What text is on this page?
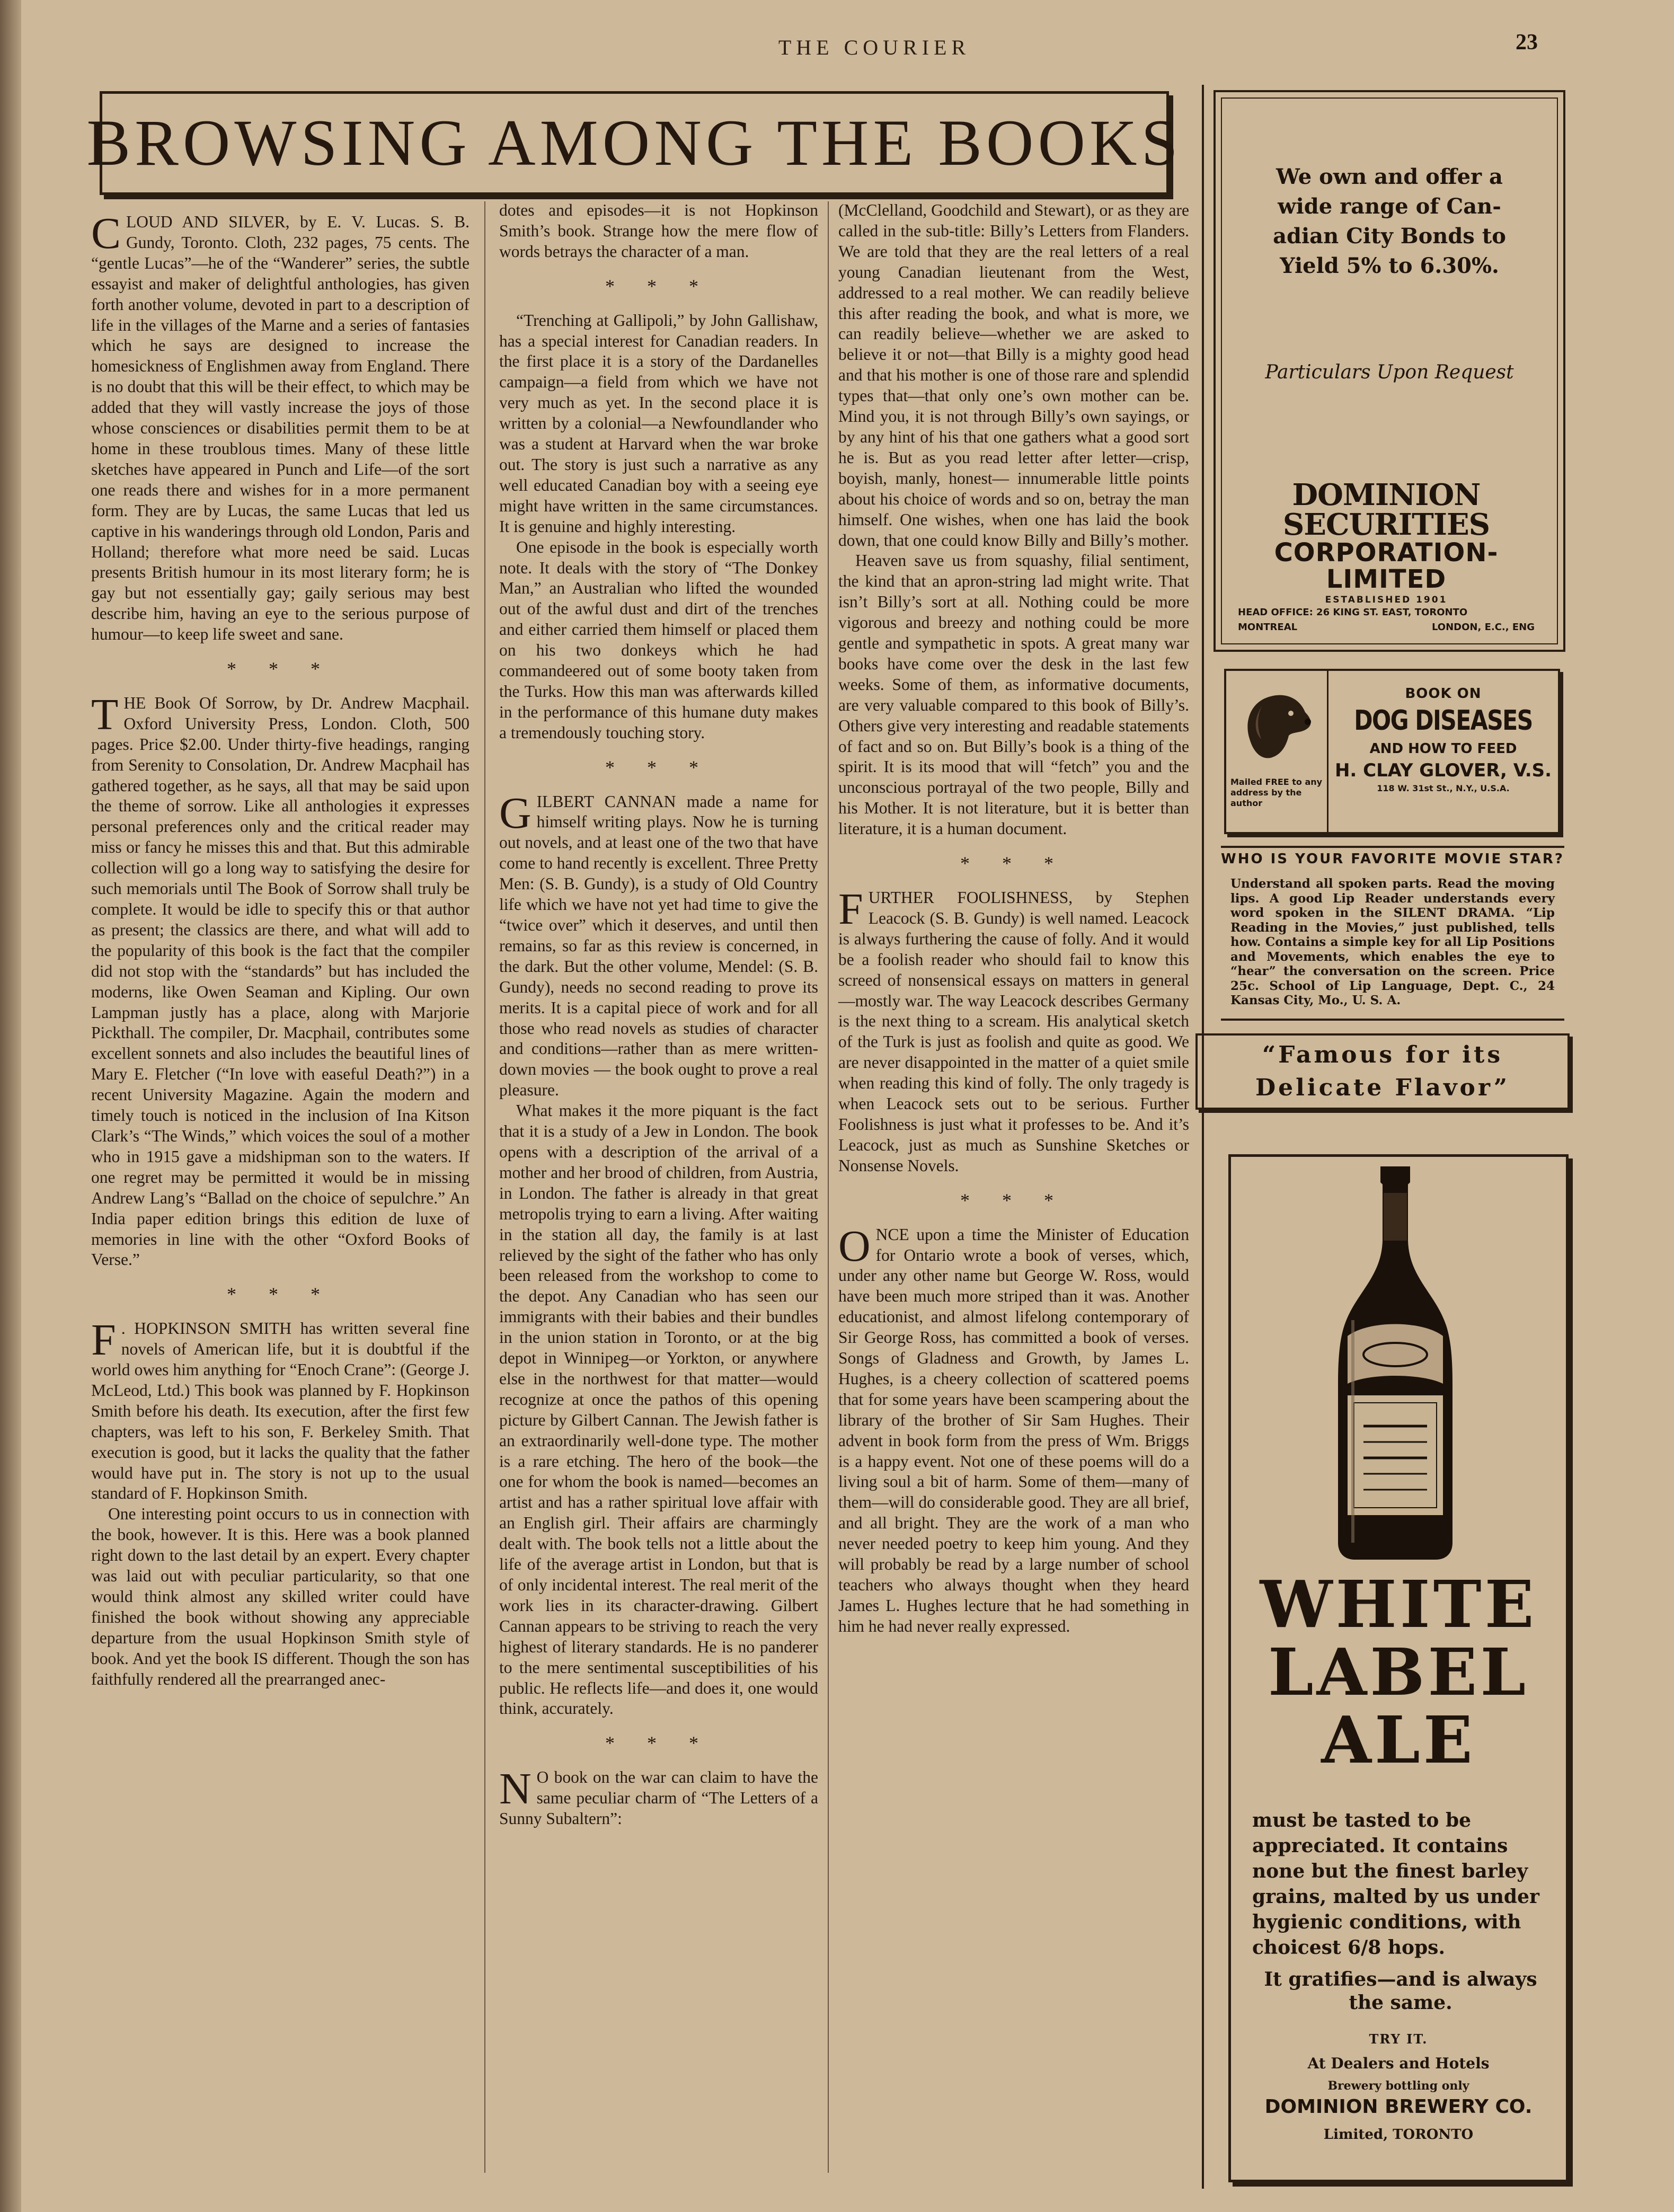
THE COURIER	23
BROWSING AMONG THE BOOKS

CLOUD AND SILVER, by E. V. Lucas. S. B. Gundy, Toronto. Cloth, 232 pages, 75 cents. The “gentle Lucas”—he of the “Wanderer” series, the subtle essayist and maker of delightful anthologies, has given forth another volume, devoted in part to a description of life in the villages of the Marne and a series of fantasies which he says are designed to increase the homesickness of Englishmen away from England. There is no doubt that this will be their effect, to which may be added that they will vastly increase the joys of those whose consciences or disabilities permit them to be at home in these troublous times. Many of these little sketches have appeared in Punch and Life—of the sort one reads there and wishes for in a more permanent form. They are by Lucas, the same Lucas that led us captive in his wanderings through old London, Paris and Holland; therefore what more need be said. Lucas presents British humour in its most literary form; he is gay but not essentially gay; gaily serious may best describe him, having an eye to the serious purpose of humour—to keep life sweet and sane.

* * *

THE Book Of Sorrow, by Dr. Andrew Macphail. Oxford University Press, London. Cloth, 500 pages. Price $2.00. Under thirty-five headings, ranging from Serenity to Consolation, Dr. Andrew Macphail has gathered together, as he says, all that may be said upon the theme of sorrow. Like all anthologies it expresses personal preferences only and the critical reader may miss or fancy he misses this and that. But this admirable collection will go a long way to satisfying the desire for such memorials until The Book of Sorrow shall truly be complete. It would be idle to specify this or that author as present; the classics are there, and what will add to the popularity of this book is the fact that the compiler did not stop with the “standards” but has included the moderns, like Owen Seaman and Kipling. Our own Lampman justly has a place, along with Marjorie Pickthall. The compiler, Dr. Macphail, contributes some excellent sonnets and also includes the beautiful lines of Mary E. Fletcher (“In love with easeful Death?”) in a recent University Magazine. Again the modern and timely touch is noticed in the inclusion of Ina Kitson Clark’s “The Winds,” which voices the soul of a mother who in 1915 gave a midshipman son to the waters. If one regret may be permitted it would be in missing Andrew Lang’s “Ballad on the choice of sepulchre.” An India paper edition brings this edition de luxe of memories in line with the other “Oxford Books of Verse.”

* * *

F . HOPKINSON SMITH has written several fine novels of American life, but it is doubtful if the world owes him anything for “Enoch Crane”: (George J. McLeod, Ltd.) This book was planned by F. Hopkinson Smith before his death. Its execution, after the first few chapters, was left to his son, F. Berkeley Smith. That execution is good, but it lacks the quality that the father would have put in. The story is not up to the usual standard of F. Hopkinson Smith.

One interesting point occurs to us in connection with the book, however. It is this. Here was a book planned right down to the last detail by an expert. Every chapter was laid out with peculiar particularity, so that one would think almost any skilled writer could have finished the book without showing any appreciable departure from the usual Hopkinson Smith style of book. And yet the book IS different. Though the son has faithfully rendered all the prearranged anec-

dotes and episodes—it is not Hopkinson Smith’s book. Strange how the mere flow of words betrays the character of a man.

* * *

“Trenching at Gallipoli,” by John Gallishaw, has a special interest for Canadian readers. In the first place it is a story of the Dardanelles campaign—a field from which we have not very much as yet. In the second place it is written by a colonial—a Newfoundlander who was a student at Harvard when the war broke out. The story is just such a narrative as any well educated Canadian boy with a seeing eye might have written in the same circumstances. It is genuine and highly interesting.

One episode in the book is especially worth note. It deals with the story of “The Donkey Man,” an Australian who lifted the wounded out of the awful dust and dirt of the trenches and either carried them himself or placed them on his two donkeys which he had commandeered out of some booty taken from the Turks. How this man was afterwards killed in the performance of this humane duty makes a tremendously touching story.

* * *

GILBERT CANNAN made a name for himself writing plays. Now he is turning out novels, and at least one of the two that have come to hand recently is excellent. Three Pretty Men: (S. B. Gundy), is a study of Old Country life which we have not yet had time to give the “twice over” which it deserves, and until then remains, so far as this review is concerned, in the dark. But the other volume, Mendel: (S. B. Gundy), needs no second reading to prove its merits. It is a capital piece of work and for all those who read novels as studies of character and conditions—rather than as mere written-down movies — the book ought to prove a real pleasure.

What makes it the more piquant is the fact that it is a study of a Jew in London. The book opens with a description of the arrival of a mother and her brood of children, from Austria, in London. The father is already in that great metropolis trying to earn a living. After waiting in the station all day, the family is at last relieved by the sight of the father who has only been released from the workshop to come to the depot. Any Canadian who has seen our immigrants with their babies and their bundles in the union station in Toronto, or at the big depot in Winnipeg—or Yorkton, or anywhere else in the northwest for that matter—would recognize at once the pathos of this opening picture by Gilbert Cannan. The Jewish father is an extraordinarily well-done type. The mother is a rare etching. The hero of the book—the one for whom the book is named—becomes an artist and has a rather spiritual love affair with an English girl. Their affairs are charmingly dealt with. The book tells not a little about the life of the average artist in London, but that is of only incidental interest. The real merit of the work lies in its character-drawing. Gilbert Cannan appears to be striving to reach the very highest of literary standards. He is no panderer to the mere sentimental susceptibilities of his public. He reflects life—and does it, one would think, accurately.

* * *

N O book on the war can claim to have the same peculiar charm of “The Letters of a Sunny Subaltern”:

(McClelland, Goodchild and Stewart), or as they are called in the sub-title: Billy’s Letters from Flanders. We are told that they are the real letters of a real young Canadian lieutenant from the West, addressed to a real mother. We can readily believe this after reading the book, and what is more, we can readily believe—whether we are asked to believe it or not—that Billy is a mighty good head and that his mother is one of those rare and splendid types that—that only one’s own mother can be. Mind you, it is not through Billy’s own sayings, or by any hint of his that one gathers what a good sort he is. But as you read letter after letter—crisp, boyish, manly, honest— innumerable little points about his choice of words and so on, betray the man himself. One wishes, when one has laid the book down, that one could know Billy and Billy’s mother.

Heaven save us from squashy, filial sentiment, the kind that an apron-string lad might write. That isn’t Billy’s sort at all. Nothing could be more vigorous and breezy and nothing could be more gentle and sympathetic in spots. A great many war books have come over the desk in the last few weeks. Some of them, as informative documents, are very valuable compared to this book of Billy’s. Others give very interesting and readable statements of fact and so on. But Billy’s book is a thing of the spirit. It is its mood that will “fetch” you and the unconscious portrayal of the two people, Billy and his Mother. It is not literature, but it is better than literature, it is a human document.

* * *

FURTHER FOOLISHNESS, by Stephen Leacock (S. B. Gundy) is well named. Leacock is always furthering the cause of folly. And it would be a foolish reader who should fail to know this screed of nonsensical essays on matters in general—mostly war. The way Leacock describes Germany is the next thing to a scream. His analytical sketch of the Turk is just as foolish and quite as good. We are never disappointed in the matter of a quiet smile when reading this kind of folly. The only tragedy is when Leacock sets out to be serious. Further Foolishness is just what it professes to be. And it’s Leacock, just as much as Sunshine Sketches or Nonsense Novels.

* * *

ONCE upon a time the Minister of Education for Ontario wrote a book of verses, which, under any other name but George W. Ross, would have been much more striped than it was. Another educationist, and almost lifelong contemporary of Sir George Ross, has committed a book of verses. Songs of Gladness and Growth, by James L. Hughes, is a cheery collection of scattered poems that for some years have been scampering about the library of the brother of Sir Sam Hughes. Their advent in book form from the press of Wm. Briggs is a happy event. Not one of these poems will do a living soul a bit of harm. Some of them—many of them—will do considerable good. They are all brief, and all bright. They are the work of a man who never needed poetry to keep him young. And they will probably be read by a large number of school teachers who always thought when they heard James L. Hughes lecture that he had something in him he had never really expressed.

We own and offer a
wide range of Can-
adian City Bonds to
Yield 5% to 6.30%.
Particulars Upon Request
DOMINION SECURITIES
CORPORATION-LIMITED
ESTABLISHED 1901
HEAD OFFICE: 26 KING ST. EAST, TORONTO
MONTREAL	LONDON, E.C., ENG
Mailed FREE to any address by the author
BOOK ON
DOG DISEASES
AND HOW TO FEED
H. CLAY GLOVER, V.S.
118 W. 31st St., N.Y., U.S.A.
WHO IS YOUR FAVORITE MOVIE STAR?
Understand all spoken parts. Read the moving lips. A good Lip Reader understands every word spoken in the SILENT DRAMA. “Lip Reading in the Movies,” just published, tells how. Contains a simple key for all Lip Positions and Movements, which enables the eye to “hear” the conversation on the screen. Price 25c. School of Lip Language, Dept. C., 24 Kansas City, Mo., U. S. A.
“Famous for its
Delicate Flavor”
WHITE
LABEL
ALE
must be tasted to be appreciated. It contains none but the finest barley grains, malted by us under hygienic conditions, with choicest 6/8 hops.
It gratifies—and is always the same.
TRY IT.
At Dealers and Hotels
Brewery bottling only
DOMINION BREWERY CO.
Limited, TORONTO
